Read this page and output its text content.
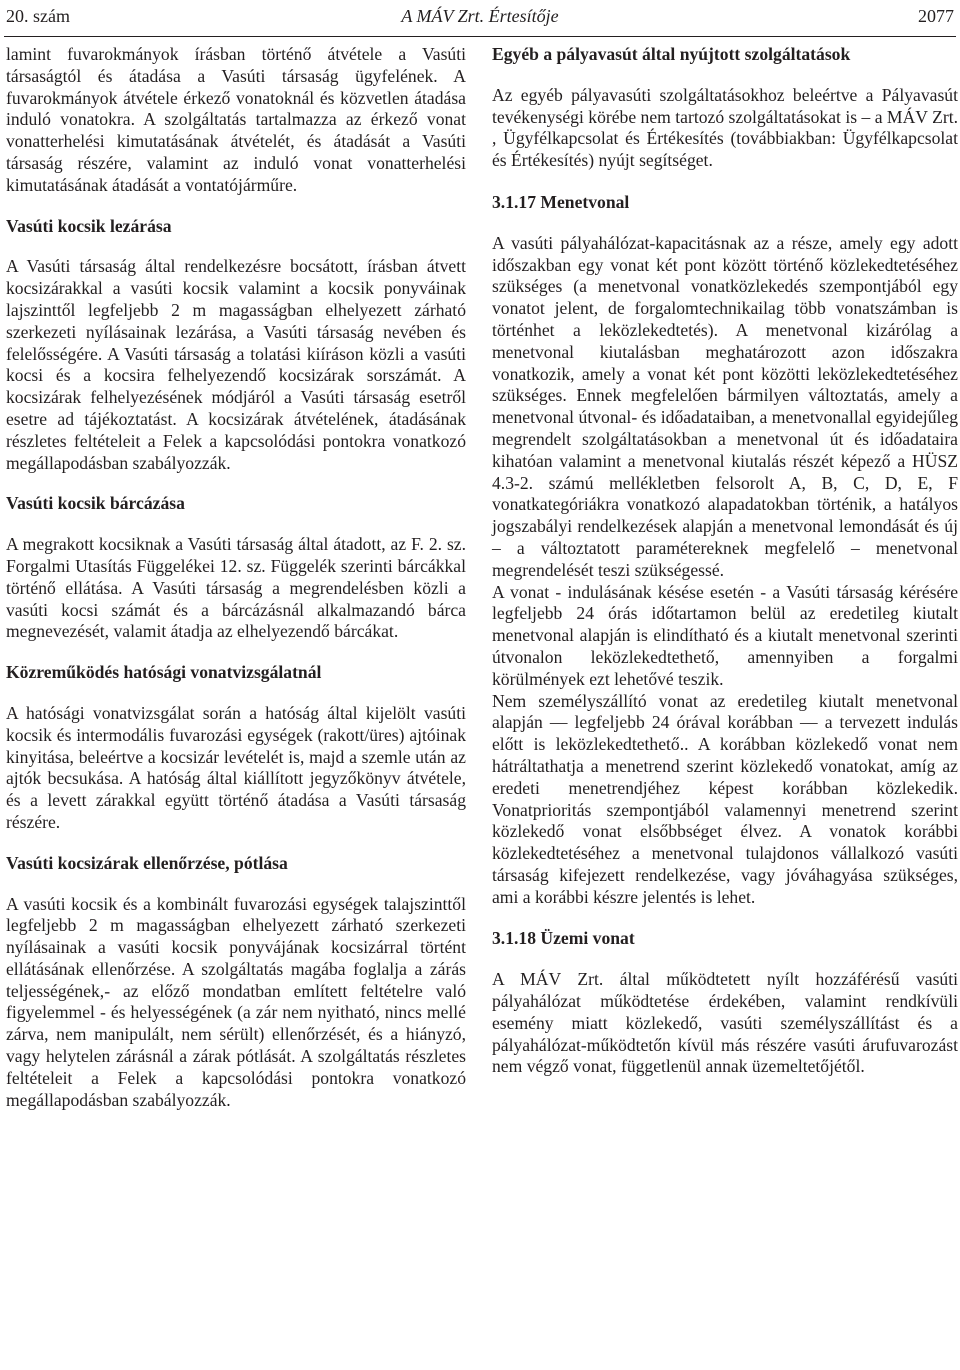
20. szám	A MÁV Zrt. Értesítője	2077

lamint fuvarokmányok írásban történő átvétele a Vasúti társaságtól és átadása a Vasúti társaság ügyfelének. A fuvarokmányok átvétele érkező vonatoknál és közvetlen átadása induló vonatokra. A szolgáltatás tartalmazza az érkező vonat vonatterhelési kimutatásának átvételét, és átadását a Vasúti társaság részére, valamint az induló vonat vonatterhelési kimutatásának átadását a vontatójárműre.

Vasúti kocsik lezárása

A Vasúti társaság által rendelkezésre bocsátott, írásban átvett kocsizárakkal a vasúti kocsik valamint a kocsik ponyváinak lajszinttől legfeljebb 2 m magasságban elhelyezett zárható szerkezeti nyílásainak lezárása, a Vasúti társaság nevében és felelősségére. A Vasúti társaság a tolatási kiíráson közli a vasúti kocsi és a kocsira felhelyezendő kocsizárak sorszámát. A kocsizárak felhelyezésének módjáról a Vasúti társaság esetről esetre ad tájékoztatást. A kocsizárak átvételének, átadásának részletes feltételeit a Felek a kapcsolódási pontokra vonatkozó megállapodásban szabályozzák.

Vasúti kocsik bárcázása

A megrakott kocsiknak a Vasúti társaság által átadott, az F. 2. sz. Forgalmi Utasítás Függelékei 12. sz. Függelék szerinti bárcákkal történő ellátása. A Vasúti társaság a megrendelésben közli a vasúti kocsi számát és a bárcázásnál alkalmazandó bárca megnevezését, valamit átadja az elhelyezendő bárcákat.

Közreműködés hatósági vonatvizsgálatnál

A hatósági vonatvizsgálat során a hatóság által kijelölt vasúti kocsik és intermodális fuvarozási egységek (rakott/üres) ajtóinak kinyitása, beleértve a kocsizár levételét is, majd a szemle után az ajtók becsukása. A hatóság által kiállított jegyzőkönyv átvétele, és a levett zárakkal együtt történő átadása a Vasúti társaság részére.

Vasúti kocsizárak ellenőrzése, pótlása

A vasúti kocsik és a kombinált fuvarozási egységek talajszinttől legfeljebb 2 m magasságban elhelyezett zárható szerkezeti nyílásainak a vasúti kocsik ponyvájának kocsizárral történt ellátásának ellenőrzése. A szolgáltatás magába foglalja a zárás teljességének,- az előző mondatban említett feltételre való figyelemmel - és helyességének (a zár nem nyitható, nincs mellé zárva, nem manipulált, nem sérült) ellenőrzését, és a hiányzó, vagy helytelen zárásnál a zárak pótlását. A szolgáltatás részletes feltételeit a Felek a kapcsolódási pontokra vonatkozó megállapodásban szabályozzák.

Egyéb a pályavasút által nyújtott szolgáltatások

Az egyéb pályavasúti szolgáltatásokhoz beleértve a Pályavasút tevékenységi körébe nem tartozó szolgáltatásokat is – a MÁV Zrt. , Ügyfélkapcsolat és Értékesítés (továbbiakban: Ügyfélkapcsolat és Értékesítés) nyújt segítséget.

3.1.17 Menetvonal

A vasúti pályahálózat-kapacitásnak az a része, amely egy adott időszakban egy vonat két pont között történő közlekedtetéséhez szükséges (a menetvonal vonatközlekedés szempontjából egy vonatot jelent, de forgalomtechnikailag több vonatszámban is történhet a leközlekedtetés). A menetvonal kizárólag a menetvonal kiutalásban meghatározott azon időszakra vonatkozik, amely a vonat két pont közötti leközlekedtetéséhez szükséges. Ennek megfelelően bármilyen változtatás, amely a menetvonal útvonal- és időadataiban, a menetvonallal egyidejűleg megrendelt szolgáltatásokban a menetvonal út és időadataira kihatóan valamint a menetvonal kiutalás részét képező a HÜSZ 4.3-2. számú mellékletben felsorolt A, B, C, D, E, F vonatkategóriákra vonatkozó alapadatokban történik, a hatályos jogszabályi rendelkezések alapján a menetvonal lemondását és új – a változtatott paramétereknek megfelelő – menetvonal megrendelését teszi szükségessé.

A vonat - indulásának késése esetén - a Vasúti társaság kérésére legfeljebb 24 órás időtartamon belül az eredetileg kiutalt menetvonal alapján is elindítható és a kiutalt menetvonal szerinti útvonalon leközlekedtethető, amennyiben a forgalmi körülmények ezt lehetővé teszik.

Nem személyszállító vonat az eredetileg kiutalt menetvonal alapján — legfeljebb 24 órával korábban — a tervezett indulás előtt is leközlekedtethető.. A korábban közlekedő vonat nem hátráltathatja a menetrend szerint közlekedő vonatokat, amíg az eredeti menetrendjéhez képest korábban közlekedik. Vonatprioritás szempontjából valamennyi menetrend szerint közlekedő vonat elsőbbséget élvez. A vonatok korábbi közlekedtetéséhez a menetvonal tulajdonos vállalkozó vasúti társaság kifejezett rendelkezése, vagy jóváhagyása szükséges, ami a korábbi készre jelentés is lehet.

3.1.18 Üzemi vonat

A MÁV Zrt. által működtetett nyílt hozzáférésű vasúti pályahálózat működtetése érdekében, valamint rendkívüli esemény miatt közlekedő, vasúti személyszállítást és a pályahálózat-működtetőn kívül más részére vasúti árufuvarozást nem végző vonat, függetlenül annak üzemeltetőjétől.
